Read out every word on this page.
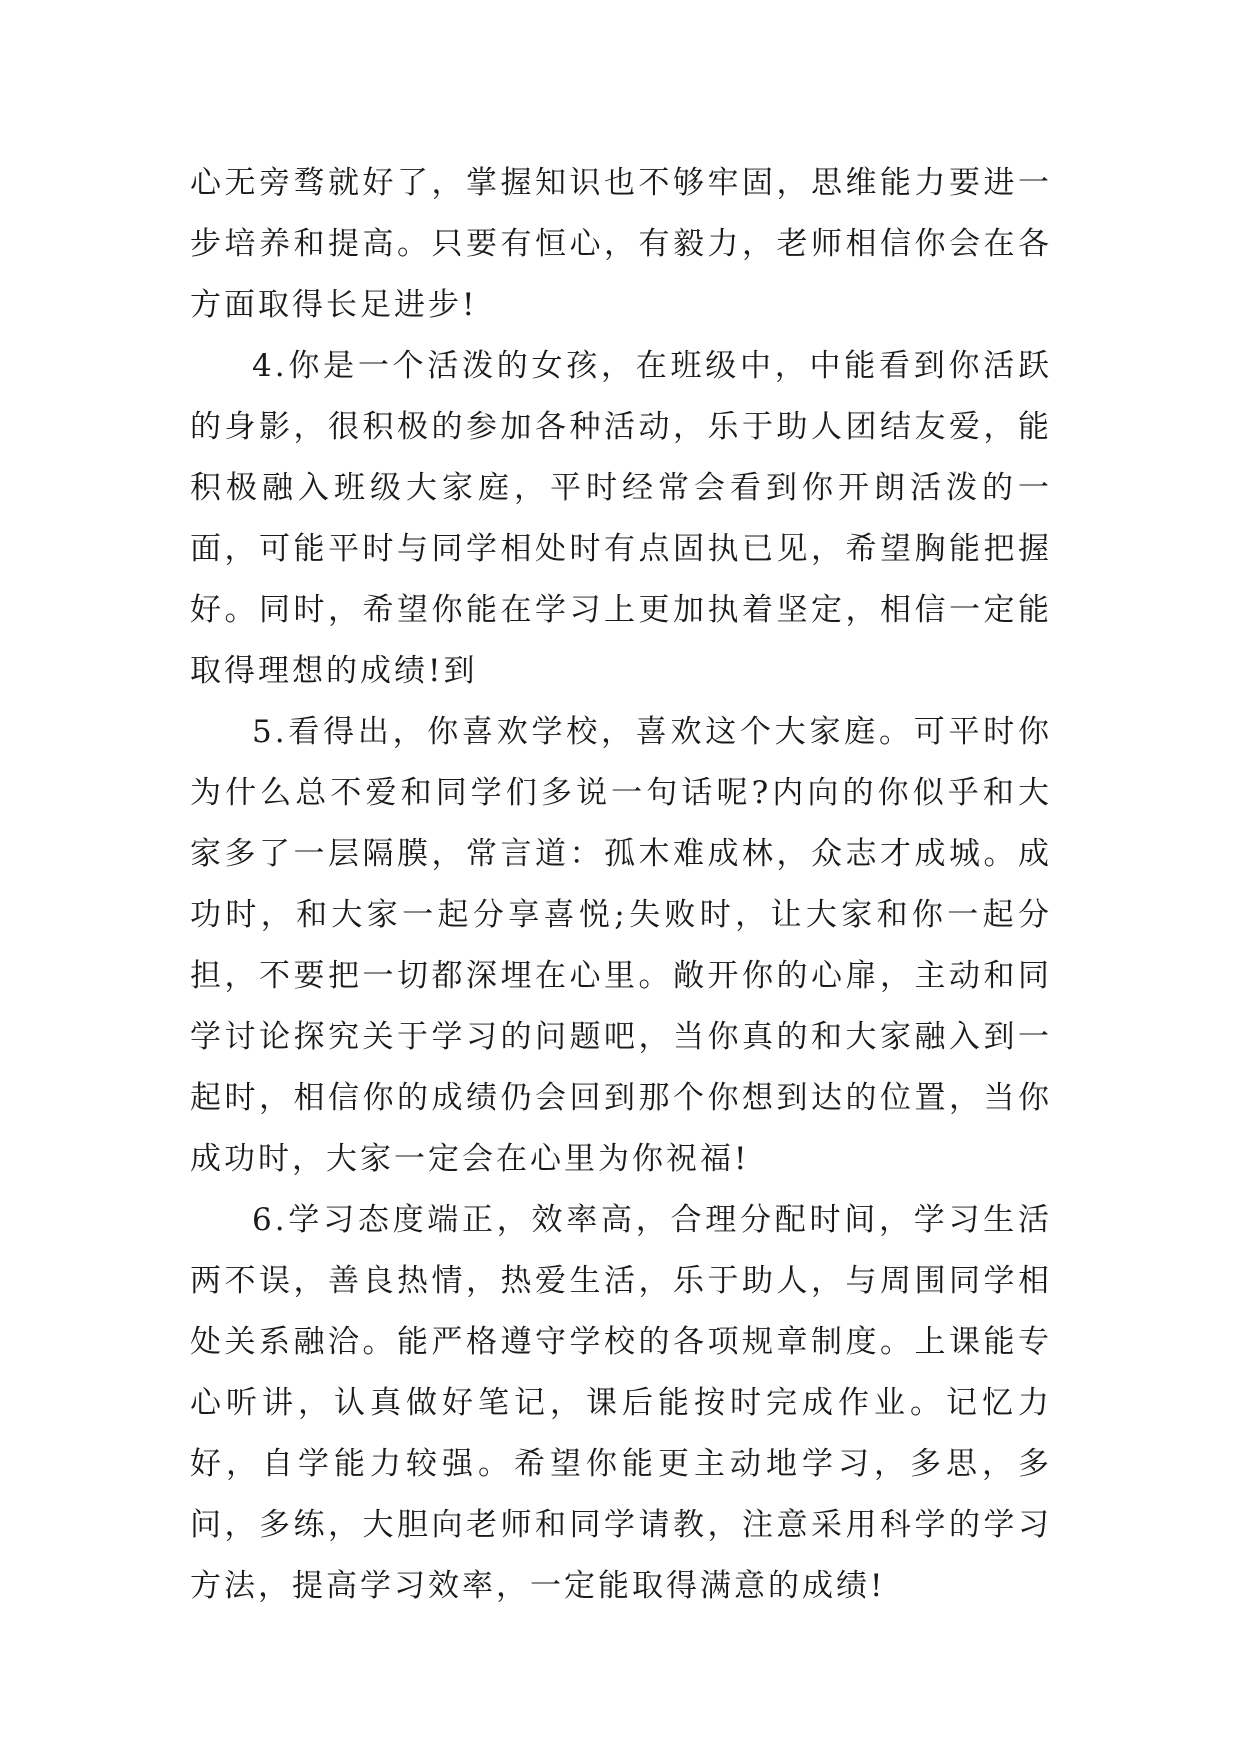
心无旁骛就好了，掌握知识也不够牢固，思维能力要进一步培养和提高。只要有恒心，有毅力，老师相信你会在各方面取得长足进步!

4.你是一个活泼的女孩，在班级中，中能看到你活跃的身影，很积极的参加各种活动，乐于助人团结友爱，能积极融入班级大家庭，平时经常会看到你开朗活泼的一面，可能平时与同学相处时有点固执已见，希望胸能把握好。同时，希望你能在学习上更加执着坚定，相信一定能取得理想的成绩!到

5.看得出，你喜欢学校，喜欢这个大家庭。可平时你为什么总不爱和同学们多说一句话呢?内向的你似乎和大家多了一层隔膜，常言道：孤木难成林，众志才成城。成功时，和大家一起分享喜悦;失败时，让大家和你一起分担，不要把一切都深埋在心里。敞开你的心扉，主动和同学讨论探究关于学习的问题吧，当你真的和大家融入到一起时，相信你的成绩仍会回到那个你想到达的位置，当你成功时，大家一定会在心里为你祝福!

6.学习态度端正，效率高，合理分配时间，学习生活两不误，善良热情，热爱生活，乐于助人，与周围同学相处关系融洽。能严格遵守学校的各项规章制度。上课能专心听讲，认真做好笔记，课后能按时完成作业。记忆力好，自学能力较强。希望你能更主动地学习，多思，多问，多练，大胆向老师和同学请教，注意采用科学的学习方法，提高学习效率，一定能取得满意的成绩!
